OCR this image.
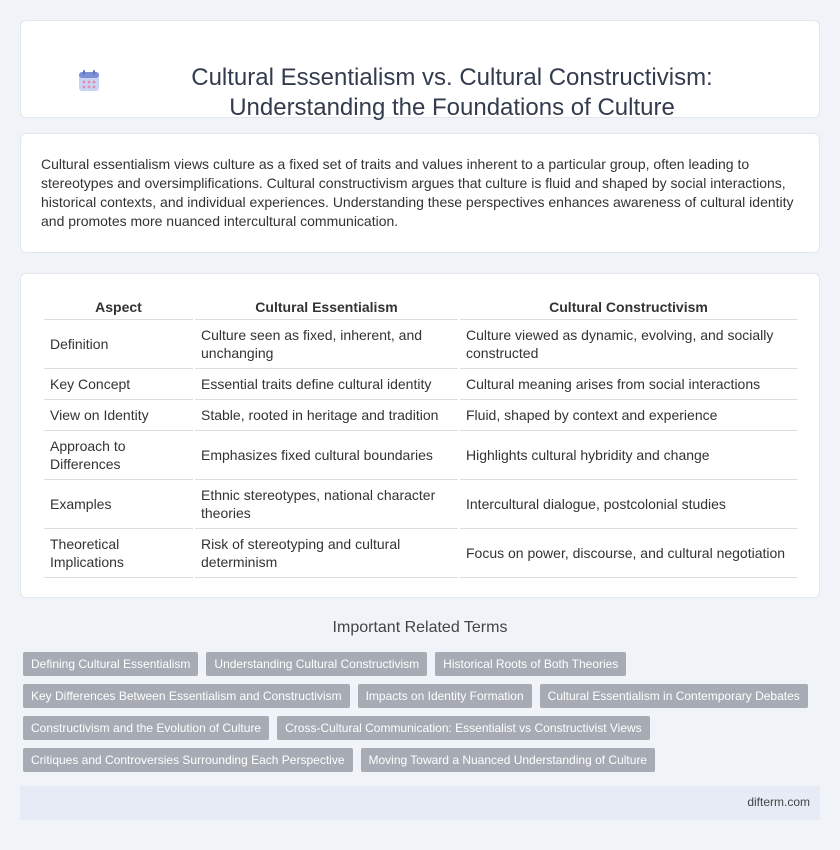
Cultural Essentialism vs. Cultural Constructivism: Understanding the Foundations of Culture

Cultural essentialism views culture as a fixed set of traits and values inherent to a particular group, often leading to stereotypes and oversimplifications. Cultural constructivism argues that culture is fluid and shaped by social interactions, historical contexts, and individual experiences. Understanding these perspectives enhances awareness of cultural identity and promotes more nuanced intercultural communication.

Aspect	Cultural Essentialism	Cultural Constructivism
Definition	Culture seen as fixed, inherent, and unchanging	Culture viewed as dynamic, evolving, and socially constructed
Key Concept	Essential traits define cultural identity	Cultural meaning arises from social interactions
View on Identity	Stable, rooted in heritage and tradition	Fluid, shaped by context and experience
Approach to Differences	Emphasizes fixed cultural boundaries	Highlights cultural hybridity and change
Examples	Ethnic stereotypes, national character theories	Intercultural dialogue, postcolonial studies
Theoretical Implications	Risk of stereotyping and cultural determinism	Focus on power, discourse, and cultural negotiation
Important Related Terms
Defining Cultural Essentialism	Understanding Cultural Constructivism	Historical Roots of Both Theories
Key Differences Between Essentialism and Constructivism	Impacts on Identity Formation	Cultural Essentialism in Contemporary Debates
Constructivism and the Evolution of Culture	Cross-Cultural Communication: Essentialist vs Constructivist Views
Critiques and Controversies Surrounding Each Perspective	Moving Toward a Nuanced Understanding of Culture
difterm.com
